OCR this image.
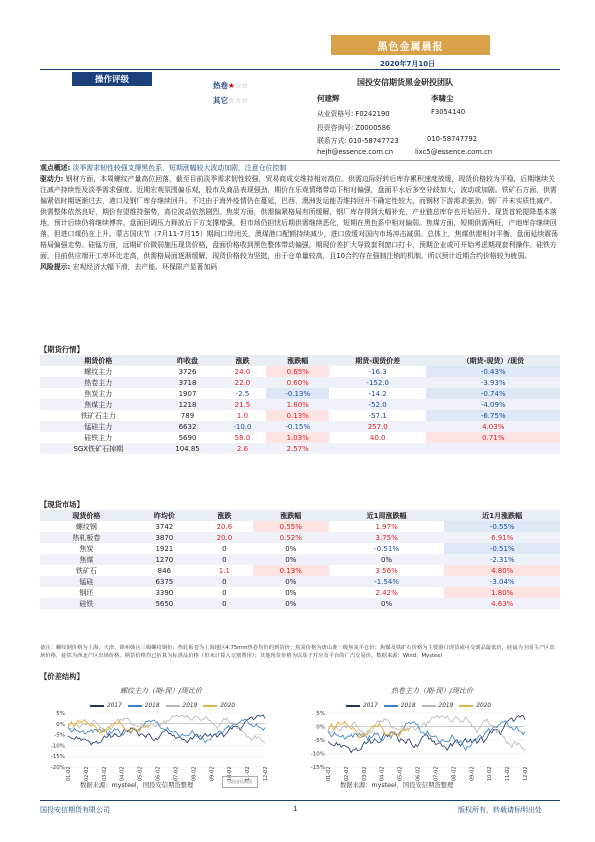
黑色金属晨报
2020年7月10日
操作评级
热卷★☆☆
其它☆☆☆
国投安信期货黑金研投团队
何建辉	李啸尘
从业资格号: F0242190	F3054140
投资咨询号: Z0000586
联系方式: 010-58747723	010-58747792
hejh@essence.com.cn	lixc5@essence.com.cn
观点概述: 淡季需求韧性较强支撑黑色系，短期涨幅较大波动加剧，注意仓位控制
驱动力: 钢材方面，本周螺纹产量高位回落，截至目前淡季需求韧性较强，贸易商成交维持相对高位。供需边际好转后库存累积速度放缓，现货价格较为平稳，后期继续关注减产持续性及淡季需求强度。近期宏观氛围偏乐观，股市及商品表现强劲，期价在乐观情绪带动下相对偏强，盘面平水后多空分歧加大，波动或加剧。铁矿石方面，供需偏紧依时期逐渐过去，港口及钢厂库存继续回升。不过由于海外疫情仍在蔓延，巴西、澳洲发运能否维持回升不确定性较大，而钢材下游需求强劲，钢厂并未实质性减产。供需整体依然良好，期价有望维持强势，高位波动依然剧烈。焦炭方面，供需偏紧格局有所缓解，钢厂库存得到大幅补充，产业链总库存也开始回升。现货首轮提降基本落地，预计后续仍将继续博弈。盘面回调压力释放后下方支撑增强，但市场仍担忧后期供需继续恶化，短期在黑色系中相对偏弱。焦煤方面，短期供需两旺，产地库存继续回落，但进口煤仍在上升。蒙古国庆节（7月11-7月15）期间口岸闭关，澳煤港口配额持续减少，进口放缓对国内市场冲击减弱。总体上，焦煤供需相对平衡，盘面延续震荡格局偏强走势。硅锰方面，远期矿价微弱施压现货价格，盘面价格收到黑色整体带动偏强，期现价差扩大导致套利窗口打卡，预期企业或可开始考虑期现套利操作。硅铁方面，目前供应端开工率环比走高，供需格局面逐渐缓解，现货价格较为坚挺，由于仓单量较高，且10合约存在强制注销的机制，所以预计近期合约价格较为疲弱。
风险提示: 宏观经济大幅下滑，去产能、环保限产显著加码
【期货行情】
期货价格	昨收盘	涨跌	涨跌幅	期货-现货价差	（期货-现货）/现货
螺纹主力	3726	24.0	0.65%	-16.3	-0.43%
热卷主力	3718	22.0	0.60%	-152.0	-3.93%
焦炭主力	1907	-2.5	-0.13%	-14.2	-0.74%
焦煤主力	1218	21.5	1.80%	-52.0	-4.09%
铁矿石主力	789	1.0	0.13%	-57.1	-6.75%
锰硅主力	6632	-10.0	-0.15%	257.0	4.03%
硅铁主力	5690	58.0	1.03%	40.0	0.71%
SGX铁矿石掉期	104.85	2.6	2.57%		
【现货市场】
现货价格	昨均价	涨跌	涨跌幅	近1周涨跌幅	近1月涨跌幅
螺纹钢	3742	20.6	0.55%	1.97%	-0.55%
热轧板卷	3870	20.0	0.52%	3.75%	6.91%
焦炭	1921	0	0%	-0.51%	-0.51%
焦煤	1270	0	0%	0%	-2.31%
铁矿石	846	1.1	0.13%	3.56%	4.80%
锰硅	6375	0	0%	-1.54%	-3.04%
钢坯	3390	0	0%	2.42%	1.80%
硅铁	5650	0	0%	0%	4.63%
备注：螺纹钢价格为上海、天津、徐州韩区三级螺纹钢价；热轧板卷为上海地区4.75mm热卷均价的到货价；焦炭价格为唐山准一级焦炭平仓价；焦煤及铁矿石价格为主要港口现货或可交割品最低价，硅锰为全国主产区出场价格，硅铁为西北产区出场价格。期货价格均已折算为标准品价格（但未计算入交割费用）；其他现货价格为以基于对应及平台的广汽交易价。数据来源：Wind、Mysteel
【价差结构】
螺纹主力（期-现）/现比价
2017	2018	2019	2020
5%
0%
-5%
-10%
-15%
-20% 01-02 02-02 03-02 04-02 05-02 06-02 07-02 08-02 09-02 10-02 11-02 12-02
数据来源：mysteel，国投安信期货整理
国投安信期货
热卷主力（期-现）/现比价
2017	2018	2019	2020
5%
0%
-5%
-10%
-15% 01-02 02-02 03-02 04-02 05-02 06-02 07-02 08-02 09-02 10-02 11-02 12-02
数据来源：mysteel，国投安信期货整理
国投安信期货有限公司	1	版权所有，转载请标明出处
